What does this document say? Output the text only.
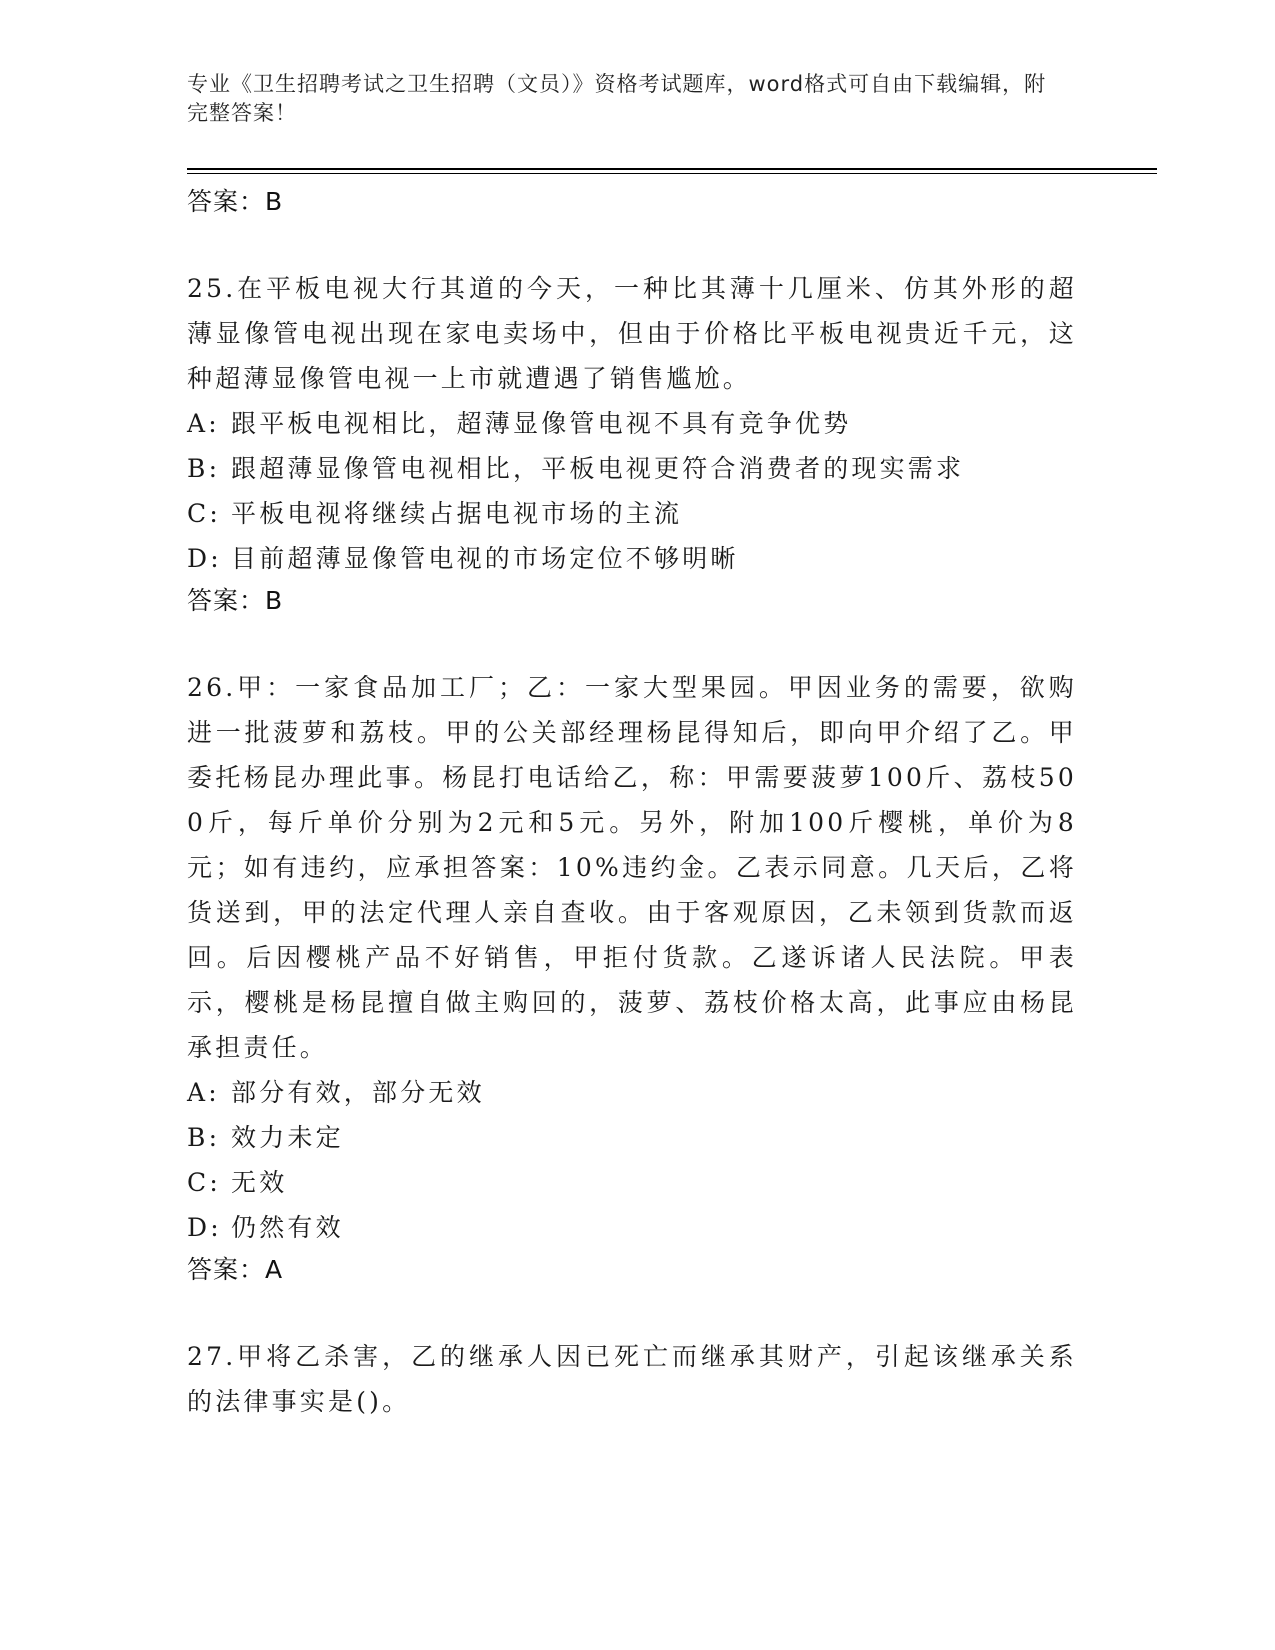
专业《卫生招聘考试之卫生招聘（文员）》资格考试题库，word格式可自由下载编辑，附完整答案！
答案：B
25.在平板电视大行其道的今天，一种比其薄十几厘米、仿其外形的超薄显像管电视出现在家电卖场中，但由于价格比平板电视贵近千元，这种超薄显像管电视一上市就遭遇了销售尴尬。
A: 跟平板电视相比，超薄显像管电视不具有竞争优势
B: 跟超薄显像管电视相比，平板电视更符合消费者的现实需求
C: 平板电视将继续占据电视市场的主流
D: 目前超薄显像管电视的市场定位不够明晰
答案：B
26.甲：一家食品加工厂；乙：一家大型果园。甲因业务的需要，欲购进一批菠萝和荔枝。甲的公关部经理杨昆得知后，即向甲介绍了乙。甲委托杨昆办理此事。杨昆打电话给乙，称：甲需要菠萝100斤、荔枝500斤，每斤单价分别为2元和5元。另外，附加100斤樱桃，单价为8元；如有违约，应承担答案：10%违约金。乙表示同意。几天后，乙将货送到，甲的法定代理人亲自查收。由于客观原因，乙未领到货款而返回。后因樱桃产品不好销售，甲拒付货款。乙遂诉诸人民法院。甲表示，樱桃是杨昆擅自做主购回的，菠萝、荔枝价格太高，此事应由杨昆承担责任。
A: 部分有效，部分无效
B: 效力未定
C: 无效
D: 仍然有效
答案：A
27.甲将乙杀害，乙的继承人因已死亡而继承其财产，引起该继承关系的法律事实是()。
